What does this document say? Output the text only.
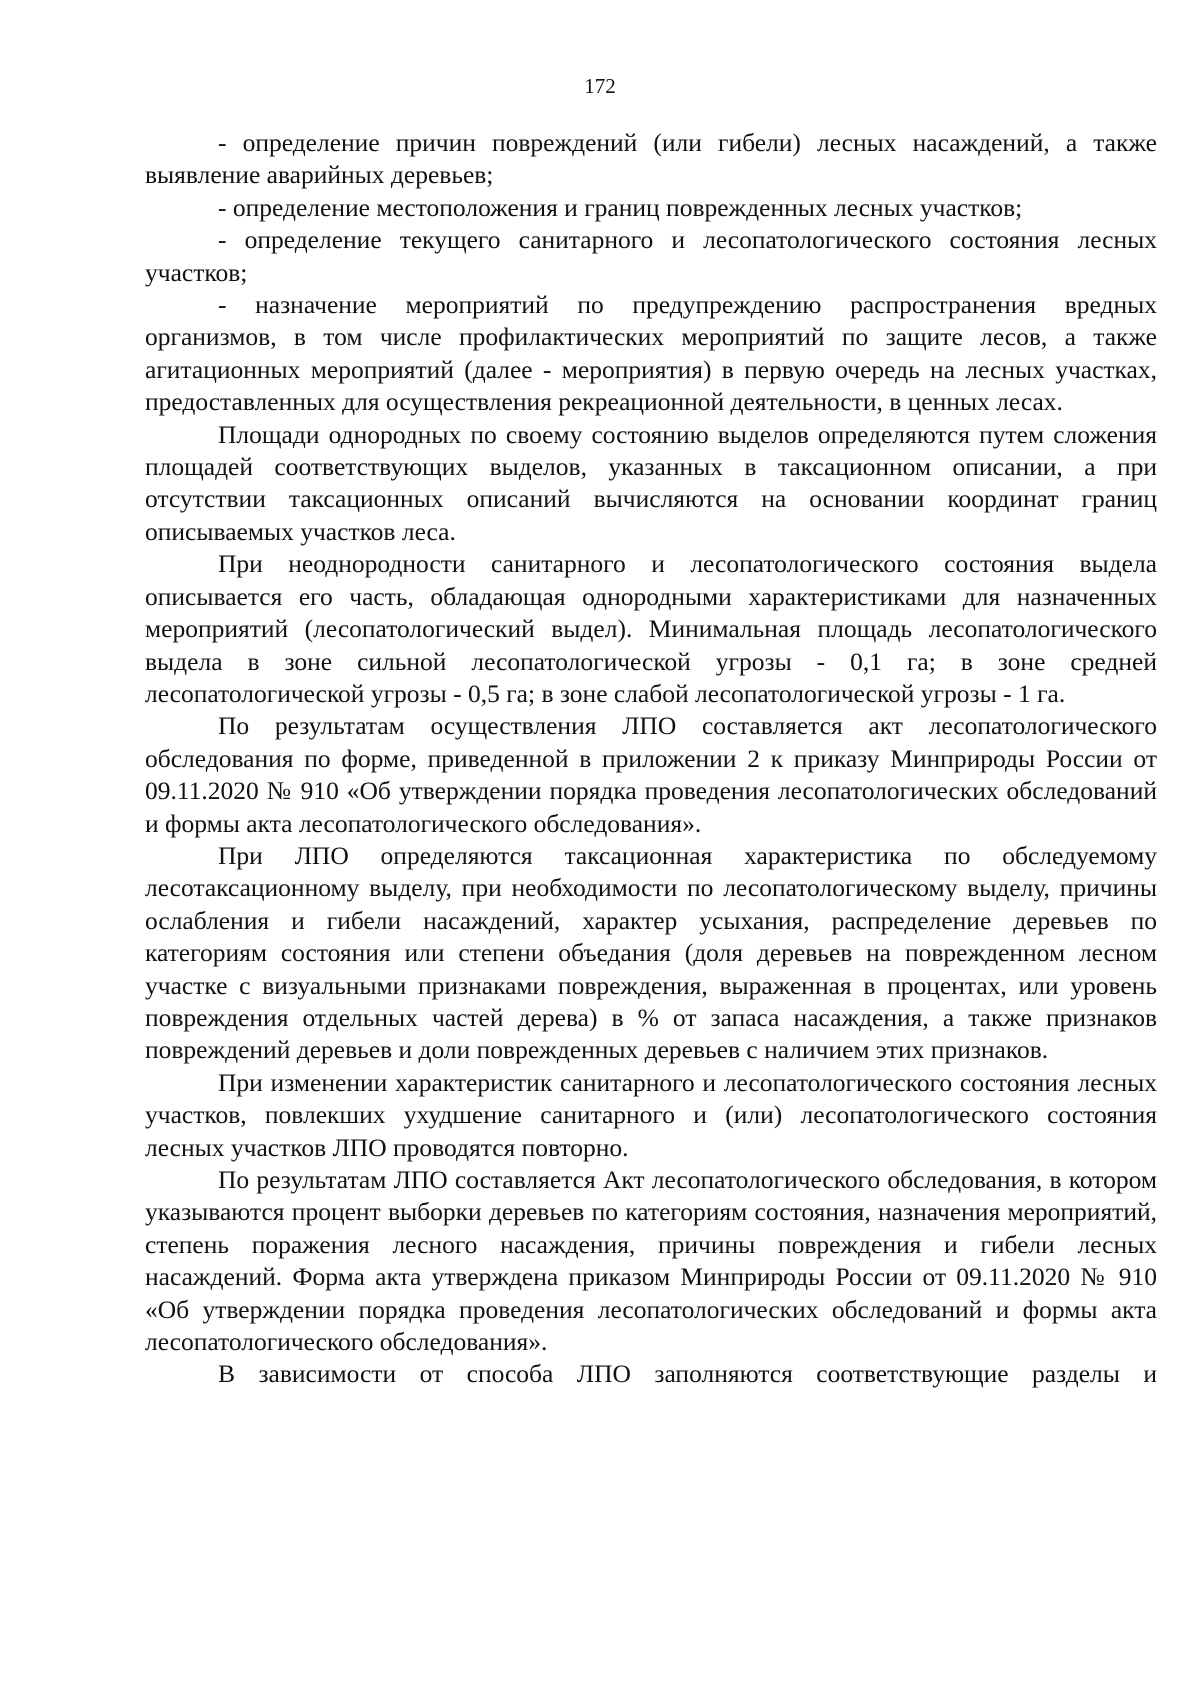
172

- определение причин повреждений (или гибели) лесных насаждений, а также выявление аварийных деревьев;

- определение местоположения и границ поврежденных лесных участков;

- определение текущего санитарного и лесопатологического состояния лесных участков;

- назначение мероприятий по предупреждению распространения вредных организмов, в том числе профилактических мероприятий по защите лесов, а также агитационных мероприятий (далее - мероприятия) в первую очередь на лесных участках, предоставленных для осуществления рекреационной деятельности, в ценных лесах.

Площади однородных по своему состоянию выделов определяются путем сложения площадей соответствующих выделов, указанных в таксационном описании, а при отсутствии таксационных описаний вычисляются на основании координат границ описываемых участков леса.

При неоднородности санитарного и лесопатологического состояния выдела описывается его часть, обладающая однородными характеристиками для назначенных мероприятий (лесопатологический выдел). Минимальная площадь лесопатологического выдела в зоне сильной лесопатологической угрозы - 0,1 га; в зоне средней лесопатологической угрозы - 0,5 га; в зоне слабой лесопатологической угрозы - 1 га.

По результатам осуществления ЛПО составляется акт лесопатологического обследования по форме, приведенной в приложении 2 к приказу Минприроды России от 09.11.2020 № 910 «Об утверждении порядка проведения лесопатологических обследований и формы акта лесопатологического обследования».

При ЛПО определяются таксационная характеристика по обследуемому лесотаксационному выделу, при необходимости по лесопатологическому выделу, причины ослабления и гибели насаждений, характер усыхания, распределение деревьев по категориям состояния или степени объедания (доля деревьев на поврежденном лесном участке с визуальными признаками повреждения, выраженная в процентах, или уровень повреждения отдельных частей дерева) в % от запаса насаждения, а также признаков повреждений деревьев и доли поврежденных деревьев с наличием этих признаков.

При изменении характеристик санитарного и лесопатологического состояния лесных участков, повлекших ухудшение санитарного и (или) лесопатологического состояния лесных участков ЛПО проводятся повторно.

По результатам ЛПО составляется Акт лесопатологического обследования, в котором указываются процент выборки деревьев по категориям состояния, назначения мероприятий, степень поражения лесного насаждения, причины повреждения и гибели лесных насаждений. Форма акта утверждена приказом Минприроды России от 09.11.2020 № 910 «Об утверждении порядка проведения лесопатологических обследований и формы акта лесопатологического обследования».

В зависимости от способа ЛПО заполняются соответствующие разделы и
